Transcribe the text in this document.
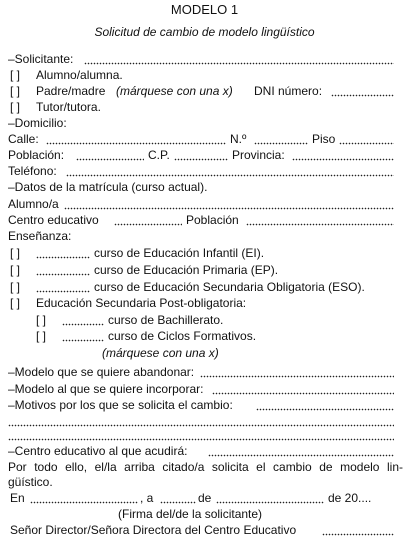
MODELO 1
Solicitud de cambio de modelo lingüístico
–Solicitante:
[ ] Alumno/alumna.
[ ] Padre/madre (márquese con una x) DNI número:
[ ] Tutor/tutora.
–Domicilio:
Calle:	N.º	Piso
Población:	C.P.	Provincia:
Teléfono:
–Datos de la matrícula (curso actual).
Alumno/a
Centro educativo	Población
Enseñanza:
[ ]	curso de Educación Infantil (EI).
[ ]	curso de Educación Primaria (EP).
[ ]	curso de Educación Secundaria Obligatoria (ESO).
[ ] Educación Secundaria Post-obligatoria:
[ ]	curso de Bachillerato.
[ ]	curso de Ciclos Formativos.
(márquese con una x)
–Modelo que se quiere abandonar:
–Modelo al que se quiere incorporar:
–Motivos por los que se solicita el cambio:
–Centro educativo al que acudirá:
Por todo ello, el/la arriba citado/a solicita el cambio de modelo lin-
güístico.
En	, a	de	de 20....
(Firma del/de la solicitante)
Señor Director/Señora Directora del Centro Educativo
